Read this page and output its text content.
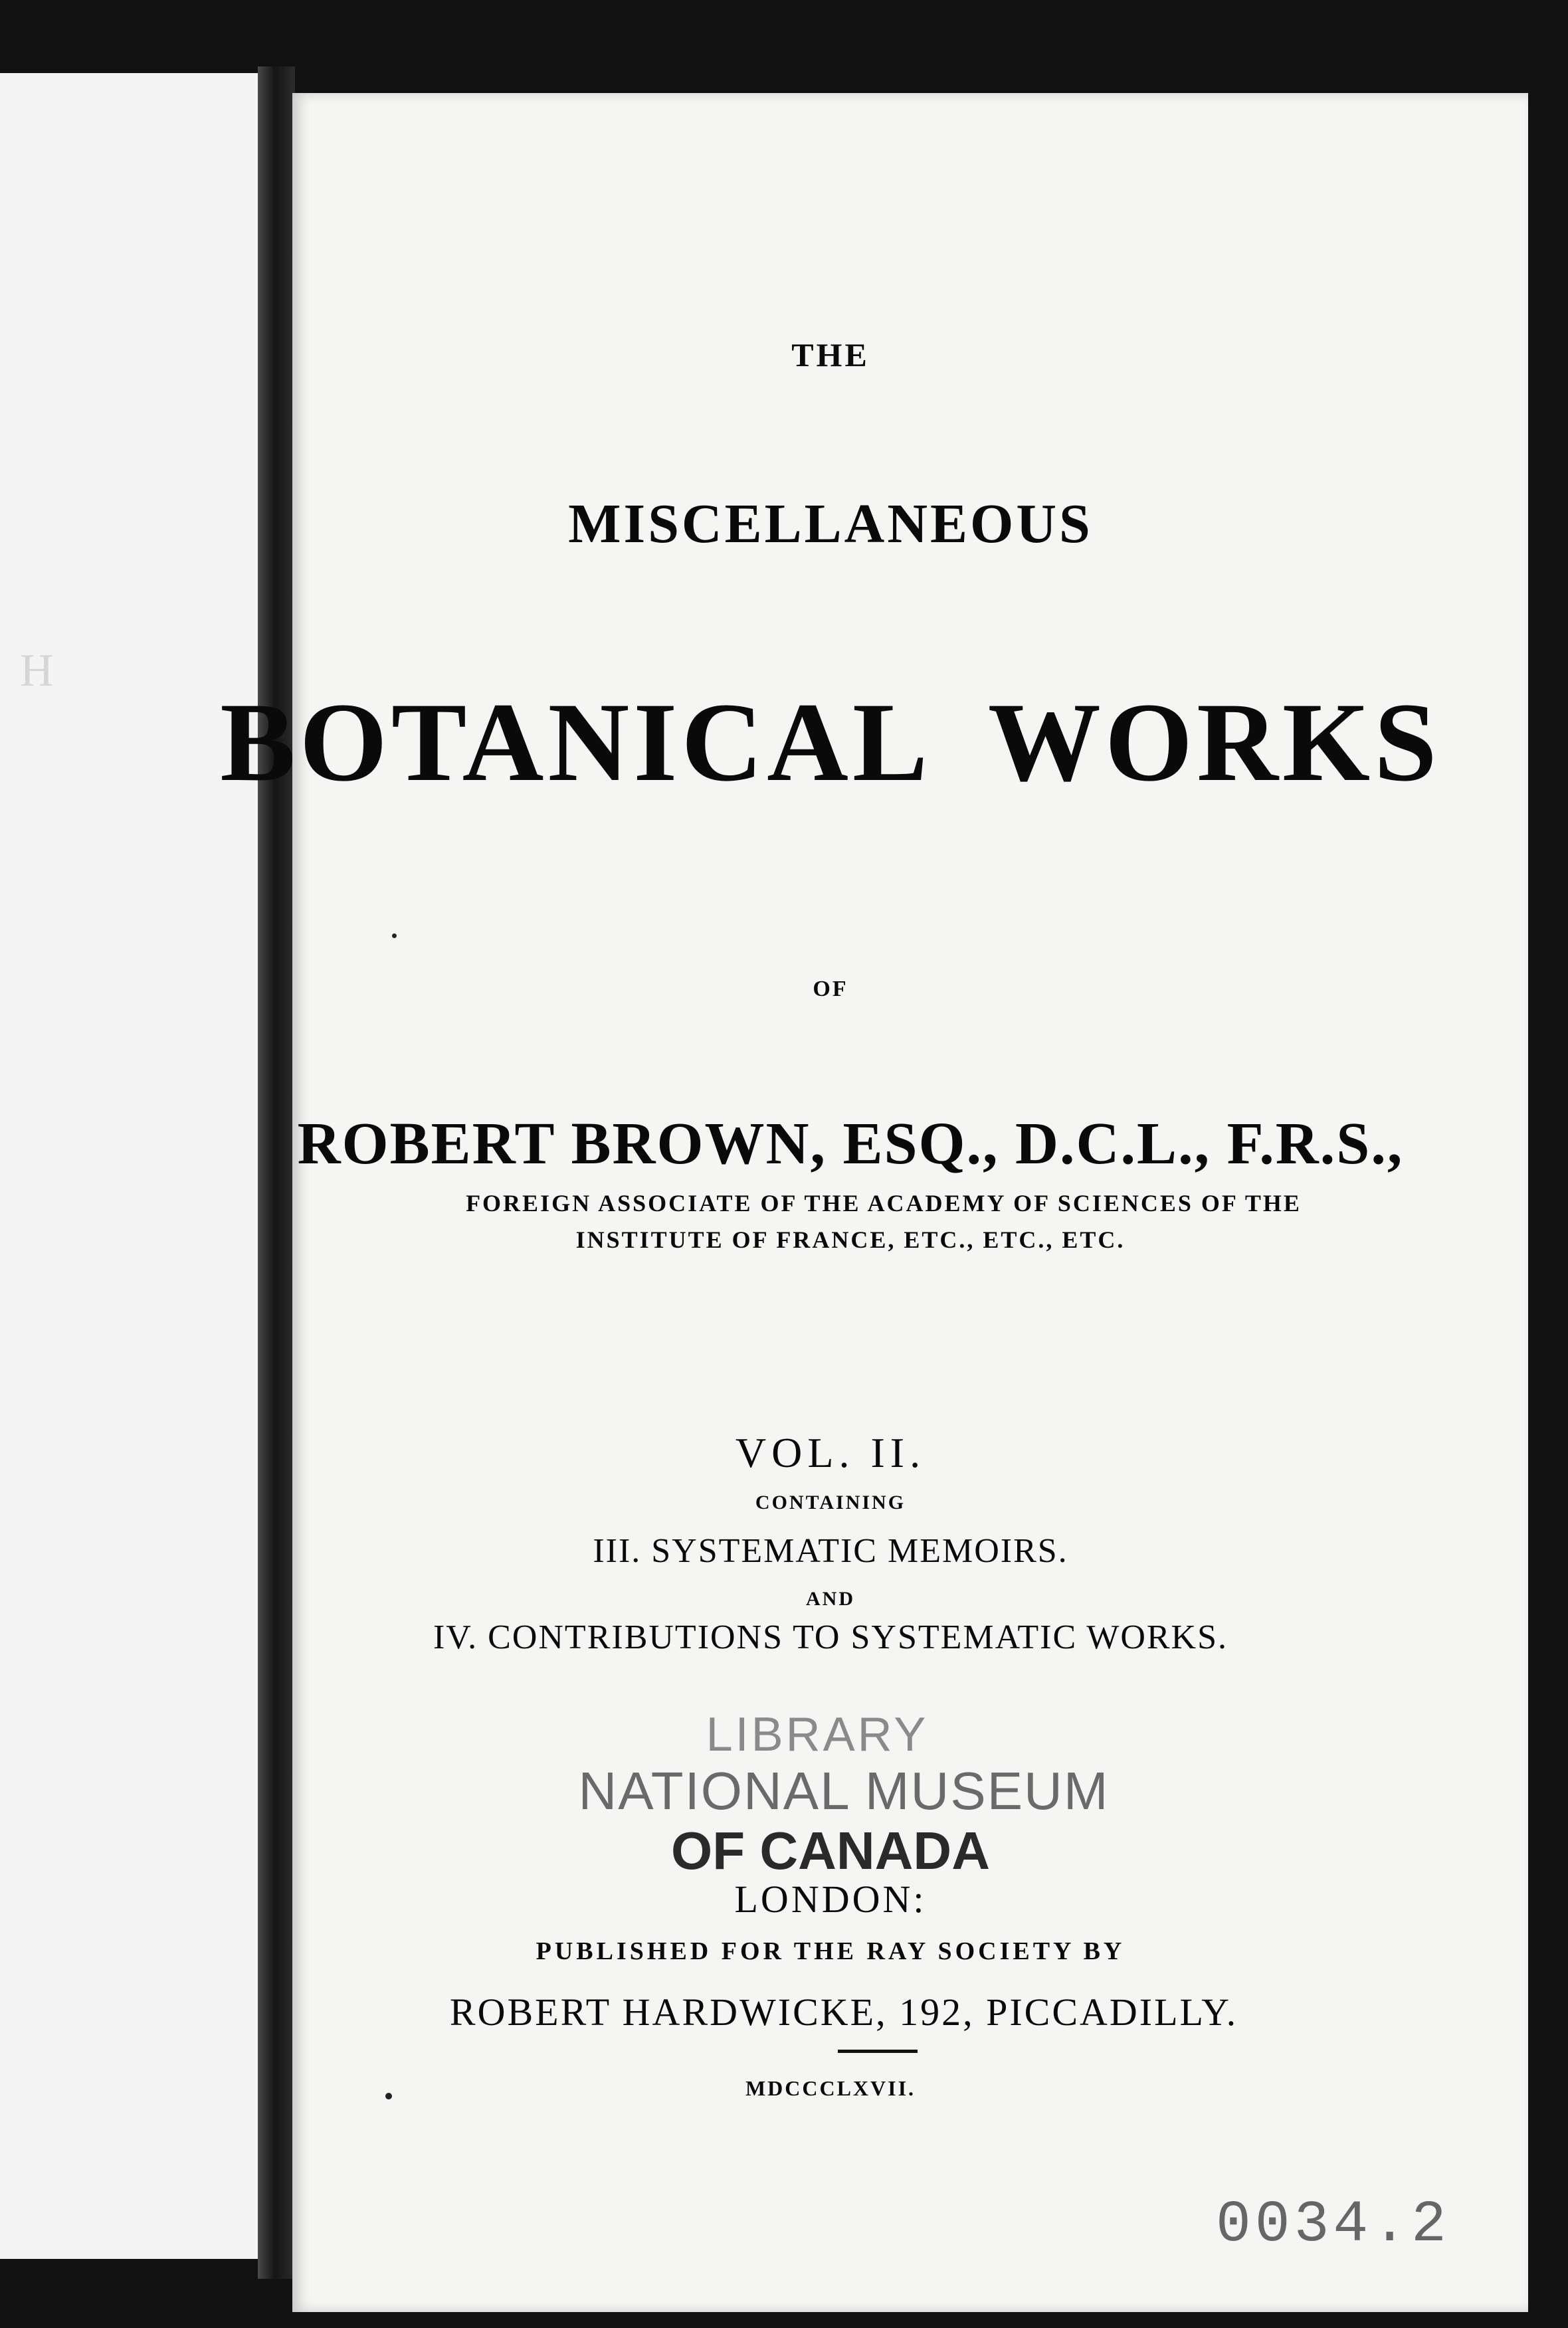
H

THE

MISCELLANEOUS

BOTANICAL  WORKS

OF

ROBERT BROWN, ESQ., D.C.L., F.R.S.,

FOREIGN ASSOCIATE OF THE ACADEMY OF SCIENCES OF THE

INSTITUTE OF FRANCE, ETC., ETC., ETC.

VOL. II.

CONTAINING

III. SYSTEMATIC MEMOIRS.

AND

IV. CONTRIBUTIONS TO SYSTEMATIC WORKS.

LIBRARY

NATIONAL MUSEUM

OF CANADA

LONDON:

PUBLISHED FOR THE RAY SOCIETY BY

ROBERT HARDWICKE, 192, PICCADILLY.

MDCCCLXVII.

0034.2
